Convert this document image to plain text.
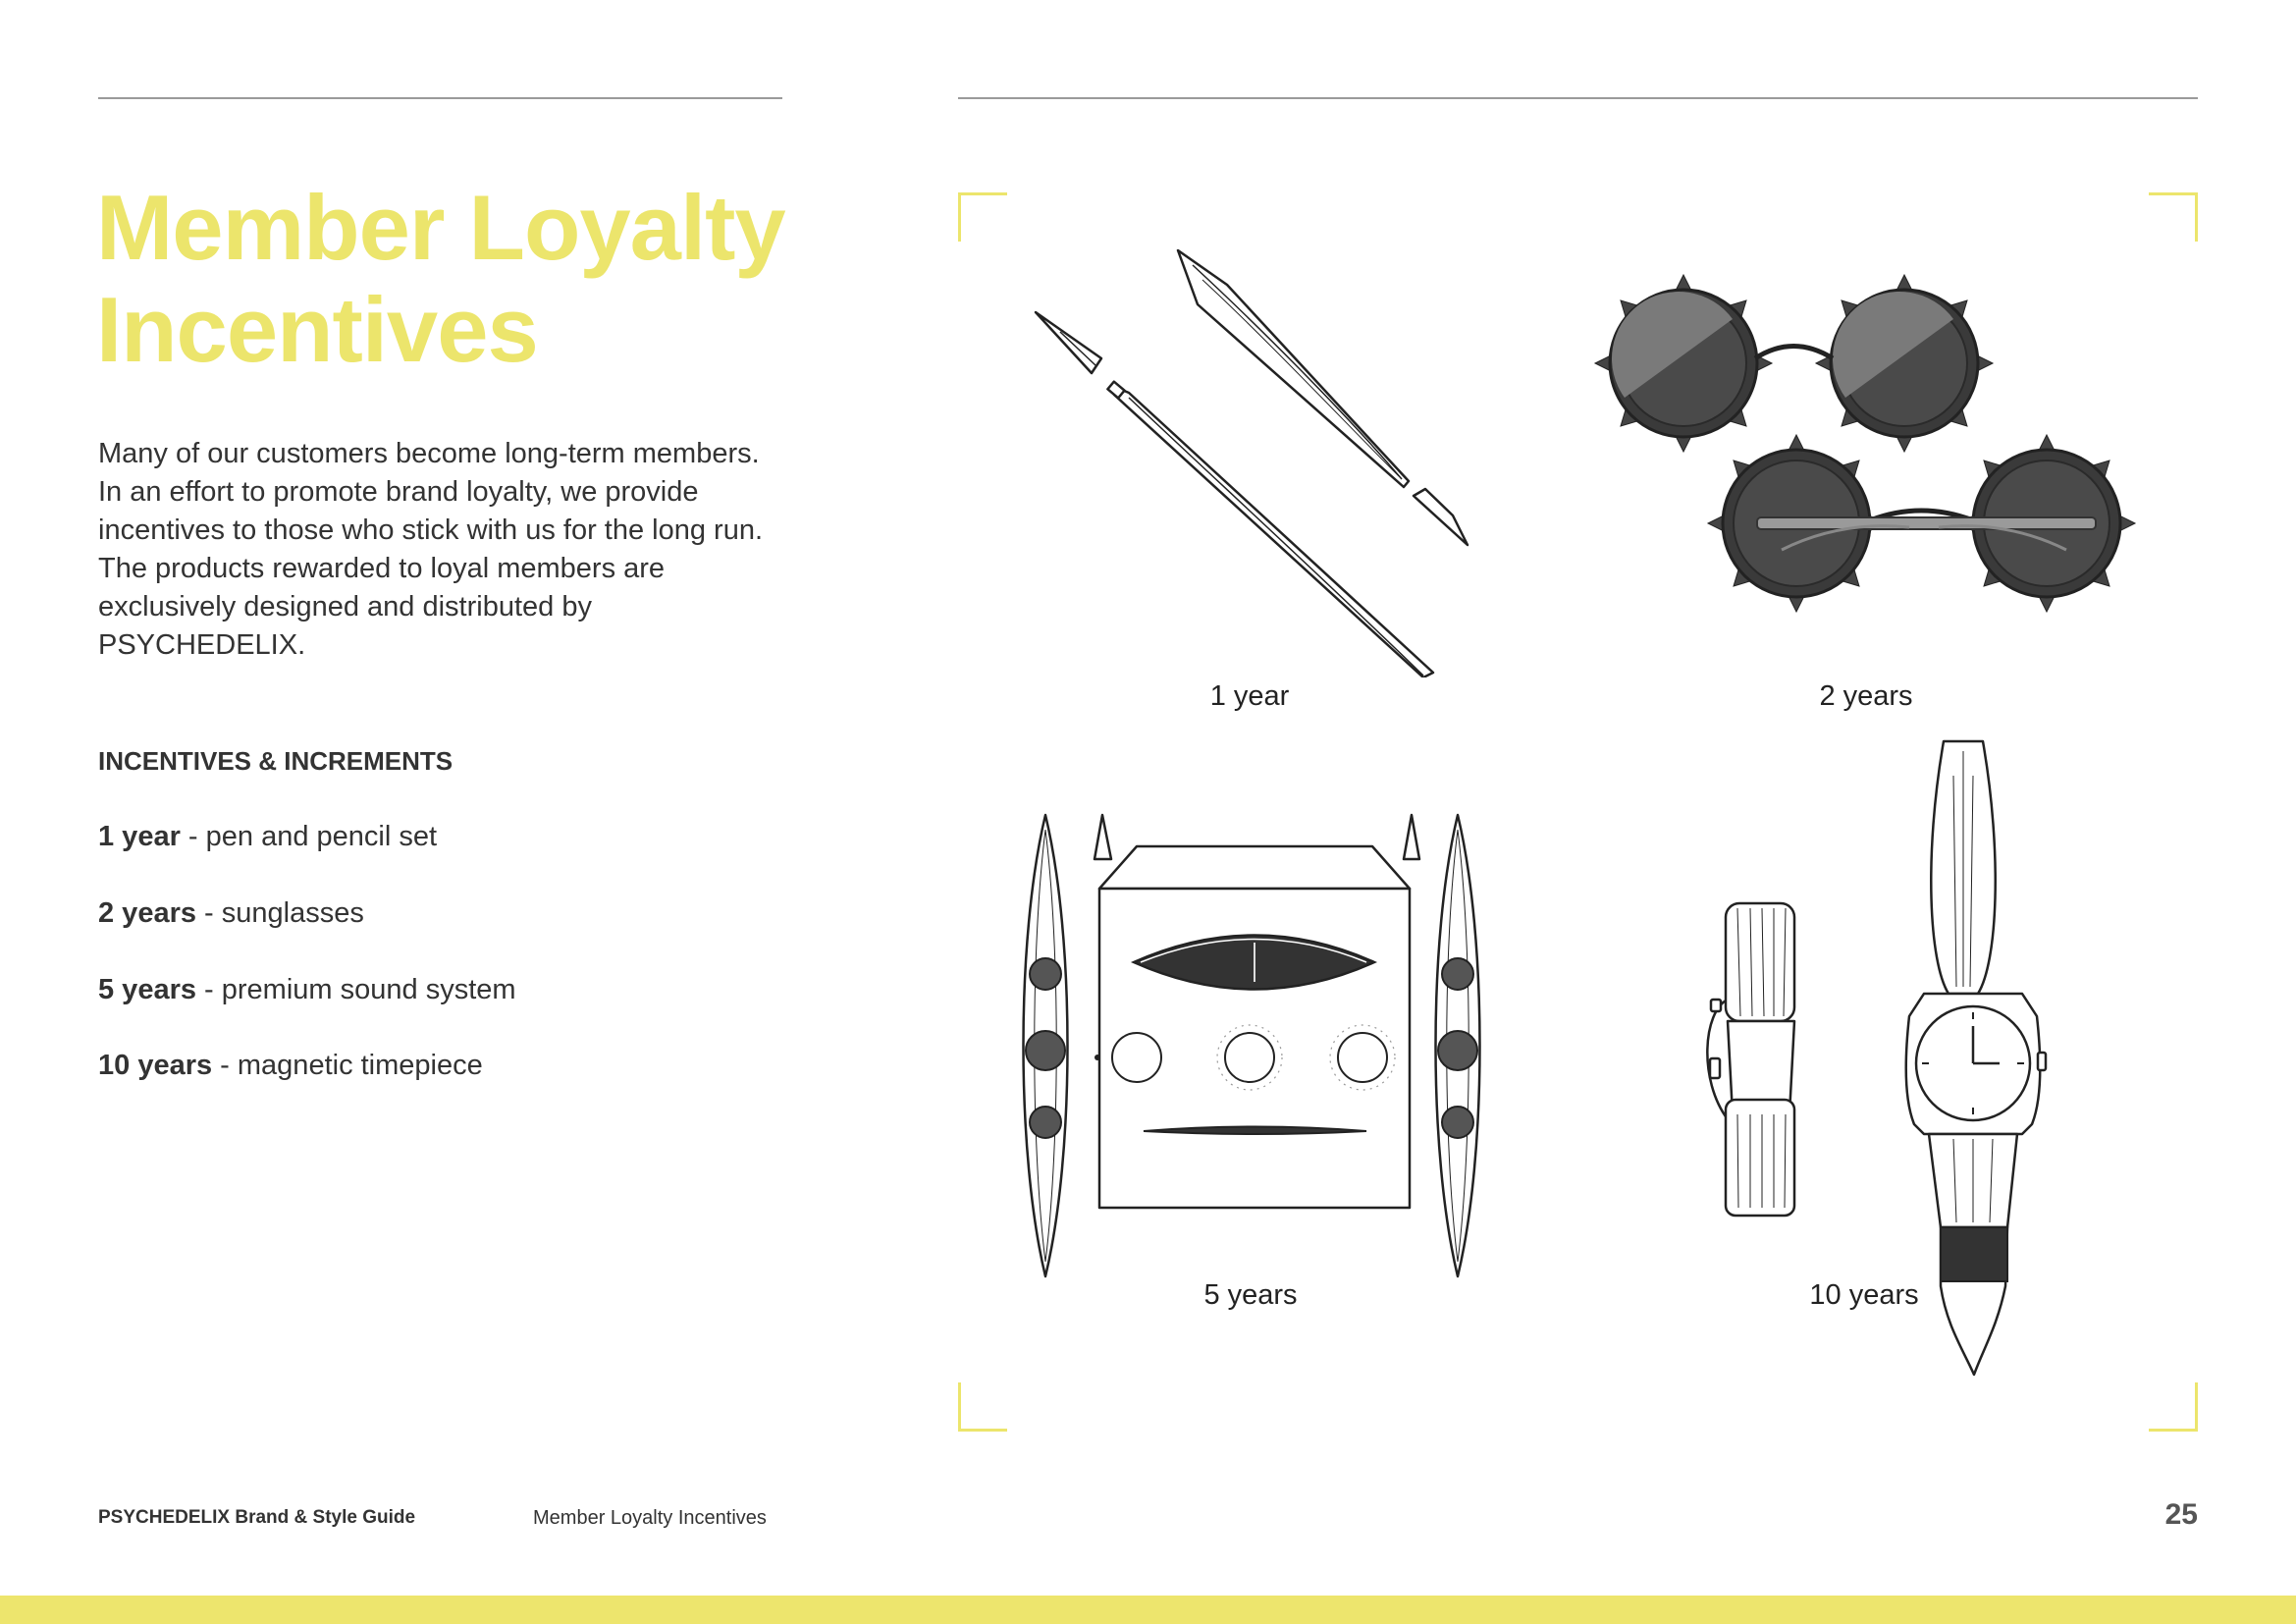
Member Loyalty
Incentives

Many of our customers become long-term members. In an effort to promote brand loyalty, we provide incentives to those who stick with us for the long run. The products rewarded to loyal members are exclusively designed and distributed by PSYCHEDELIX.

INCENTIVES & INCREMENTS
1 year - pen and pencil set
2 years - sunglasses
5 years - premium sound system
10 years - magnetic timepiece
1 year	2 years
5 years	10 years
PSYCHEDELIX Brand & Style Guide	Member Loyalty Incentives	25
